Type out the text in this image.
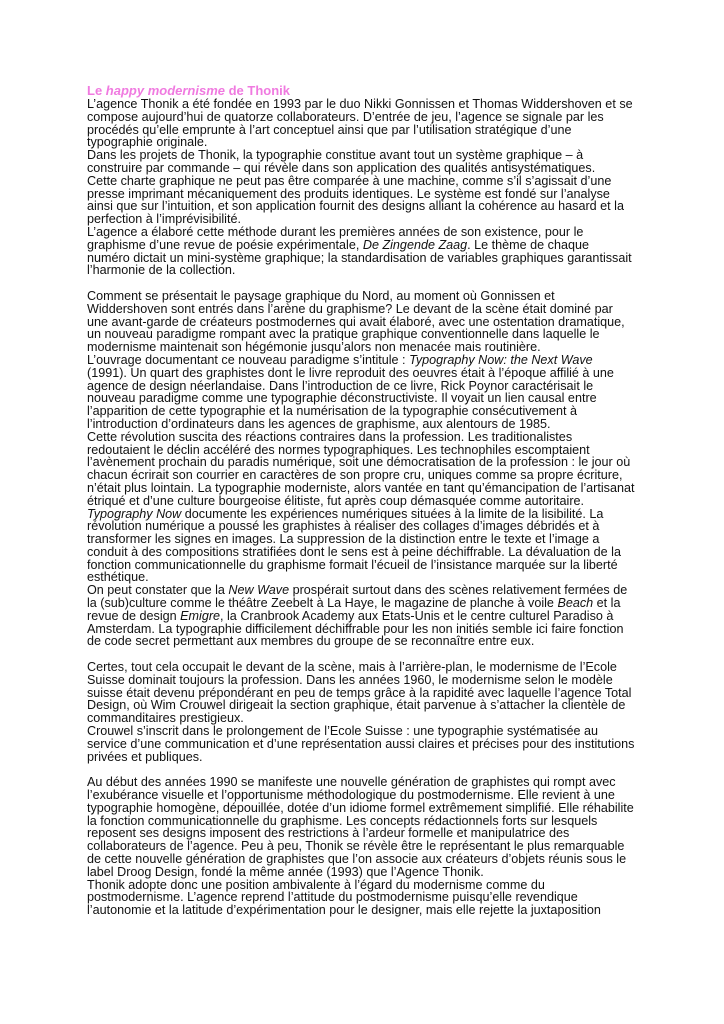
Le happy modernisme de Thonik

L’agence Thonik a été fondée en 1993 par le duo Nikki Gonnissen et Thomas Widdershoven et se compose aujourd’hui de quatorze collaborateurs. D’entrée de jeu, l’agence se signale par les procédés qu’elle emprunte à l’art conceptuel ainsi que par l’utilisation stratégique d’une typographie originale.

Dans les projets de Thonik, la typographie constitue avant tout un système graphique – à construire par commande – qui révèle dans son application des qualités antisystématiques.

Cette charte graphique ne peut pas être comparée à une machine, comme s’il s’agissait d’une presse imprimant mécaniquement des produits identiques. Le système est fondé sur l’analyse ainsi que sur l’intuition, et son application fournit des designs alliant la cohérence au hasard et la perfection à l’imprévisibilité.

L’agence a élaboré cette méthode durant les premières années de son existence, pour le graphisme d’une revue de poésie expérimentale, De Zingende Zaag. Le thème de chaque numéro dictait un mini-système graphique; la standardisation de variables graphiques garantissait l’harmonie de la collection.

Comment se présentait le paysage graphique du Nord, au moment où Gonnissen et Widdershoven sont entrés dans l’arène du graphisme? Le devant de la scène était dominé par une avant-garde de créateurs postmodernes qui avait élaboré, avec une ostentation dramatique, un nouveau paradigme rompant avec la pratique graphique conventionnelle dans laquelle le modernisme maintenait son hégémonie jusqu’alors non menacée mais routinière.

L’ouvrage documentant ce nouveau paradigme s’intitule : Typography Now: the Next Wave (1991). Un quart des graphistes dont le livre reproduit des oeuvres était à l’époque affilié à une agence de design néerlandaise. Dans l’introduction de ce livre, Rick Poynor caractérisait le nouveau paradigme comme une typographie déconstructiviste. Il voyait un lien causal entre l’apparition de cette typographie et la numérisation de la typographie consécutivement à l’introduction d’ordinateurs dans les agences de graphisme, aux alentours de 1985.

Cette révolution suscita des réactions contraires dans la profession. Les traditionalistes redoutaient le déclin accéléré des normes typographiques. Les technophiles escomptaient l’avènement prochain du paradis numérique, soit une démocratisation de la profession : le jour où chacun écrirait son courrier en caractères de son propre cru, uniques comme sa propre écriture, n’était plus lointain. La typographie moderniste, alors vantée en tant qu’émancipation de l’artisanat étriqué et d’une culture bourgeoise élitiste, fut après coup démasquée comme autoritaire.

Typography Now documente les expériences numériques situées à la limite de la lisibilité. La révolution numérique a poussé les graphistes à réaliser des collages d’images débridés et à transformer les signes en images. La suppression de la distinction entre le texte et l’image a conduit à des compositions stratifiées dont le sens est à peine déchiffrable. La dévaluation de la fonction communicationnelle du graphisme formait l’écueil de l’insistance marquée sur la liberté esthétique.

On peut constater que la New Wave prospérait surtout dans des scènes relativement fermées de la (sub)culture comme le théâtre Zeebelt à La Haye, le magazine de planche à voile Beach et la revue de design Emigre, la Cranbrook Academy aux Etats-Unis et le centre culturel Paradiso à Amsterdam. La typographie difficilement déchiffrable pour les non initiés semble ici faire fonction de code secret permettant aux membres du groupe de se reconnaître entre eux.

Certes, tout cela occupait le devant de la scène, mais à l’arrière-plan, le modernisme de l’Ecole Suisse dominait toujours la profession. Dans les années 1960, le modernisme selon le modèle suisse était devenu prépondérant en peu de temps grâce à la rapidité avec laquelle l’agence Total Design, où Wim Crouwel dirigeait la section graphique, était parvenue à s’attacher la clientèle de commanditaires prestigieux.

Crouwel s’inscrit dans le prolongement de l’Ecole Suisse : une typographie systématisée au service d’une communication et d’une représentation aussi claires et précises pour des institutions privées et publiques.

Au début des années 1990 se manifeste une nouvelle génération de graphistes qui rompt avec l’exubérance visuelle et l’opportunisme méthodologique du postmodernisme. Elle revient à une typographie homogène, dépouillée, dotée d’un idiome formel extrêmement simplifié. Elle réhabilite la fonction communicationnelle du graphisme. Les concepts rédactionnels forts sur lesquels reposent ses designs imposent des restrictions à l’ardeur formelle et manipulatrice des collaborateurs de l’agence. Peu à peu, Thonik se révèle être le représentant le plus remarquable de cette nouvelle génération de graphistes que l’on associe aux créateurs d’objets réunis sous le label Droog Design, fondé la même année (1993) que l’Agence Thonik.

Thonik adopte donc une position ambivalente à l’égard du modernisme comme du postmodernisme. L’agence reprend l’attitude du postmodernisme puisqu’elle revendique l’autonomie et la latitude d’expérimentation pour le designer, mais elle rejette la juxtaposition
